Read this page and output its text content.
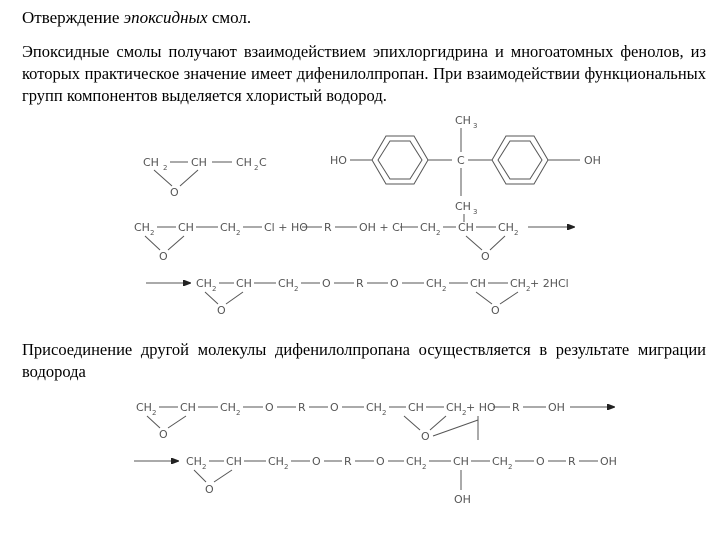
Отверждение эпоксидных смол.
Эпоксидные смолы получают взаимодействием эпихлоргидрина и многоатомных фенолов, из которых практическое значение имеет дифенилолпропан. При взаимодействии функциональных групп компонентов выделяется хлористый водород.
Присоединение другой молекулы дифенилолпропана осуществляется в результате миграции водорода
CH 2 CH	CH 2 C
O
HO
CH 3
C	OH
CH 3
CH 2 CH CH 2 Cl + HO R OH + Cl CH 2 CH CH 2
O	O
CH 2 CH CH 2 O R O CH 2 CH CH 2 + 2HCl
O	O
CH 2 CH CH 2 O R O CH 2 CH CH 2 + HO R	OH
O	O
CH 2 CH CH 2 O R O CH 2 CH CH 2 O R OH
O
OH
